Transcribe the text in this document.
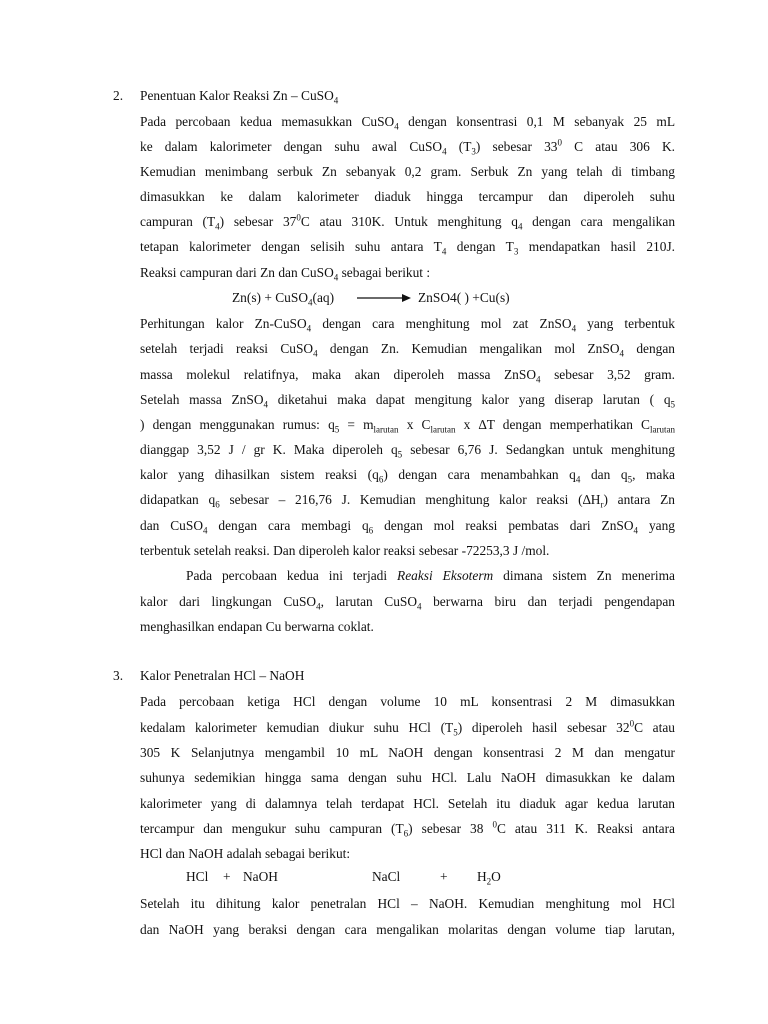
2. Penentuan Kalor Reaksi Zn – CuSO$_4$
Pada percobaan kedua memasukkan CuSO$_4$ dengan konsentrasi 0,1 M sebanyak 25 mL
ke dalam kalorimeter dengan suhu awal CuSO$_4$ $(T_3)$ sebesar $33^0$ C atau 306 K.
Kemudian menimbang serbuk Zn sebanyak 0,2 gram. Serbuk Zn yang telah di timbang
dimasukkan ke dalam kalorimeter diaduk hingga tercampur dan diperoleh suhu
campuran $(T_4)$ sebesar $37^0C$ atau 310K. Untuk menghitung $q_4$ dengan cara mengalikan
tetapan kalorimeter dengan selisih suhu antara $T_4$ dengan $T_3$ mendapatkan hasil 210J.
Reaksi campuran dari Zn dan CuSO$_4$ sebagai berikut :
Zn(s) + CuSO$_4$(aq)	ZnSO4( ) +Cu(s)
Perhitungan kalor Zn-CuSO$_4$ dengan cara menghitung mol zat ZnSO$_4$ yang terbentuk
setelah terjadi reaksi CuSO$_4$ dengan Zn. Kemudian mengalikan mol ZnSO$_4$ dengan
massa molekul relatifnya, maka akan diperoleh massa ZnSO$_4$ sebesar 3,52 gram.
Setelah massa ZnSO$_4$ diketahui maka dapat mengitung kalor yang diserap larutan ( $q_5$
) dengan menggunakan rumus: $q_5 = m_{larutan}$ x $C_{larutan}$ x ∆T dengan memperhatikan $C_{larutan}$
dianggap 3,52 J / gr K. Maka diperoleh $q_5$ sebesar 6,76 J. Sedangkan untuk menghitung
kalor yang dihasilkan sistem reaksi $(q_6)$ dengan cara menambahkan $q_4$ dan $q_5$, maka
didapatkan $q_6$ sebesar – 216,76 J. Kemudian menghitung kalor reaksi $(\Delta H_r)$ antara Zn
dan CuSO$_4$ dengan cara membagi $q_6$ dengan mol reaksi pembatas dari ZnSO$_4$ yang
terbentuk setelah reaksi. Dan diperoleh kalor reaksi sebesar -72253,3 J /mol.
Pada percobaan kedua ini terjadi Reaksi Eksoterm dimana sistem Zn menerima
kalor dari lingkungan CuSO$_4$, larutan CuSO$_4$ berwarna biru dan terjadi pengendapan
menghasilkan endapan Cu berwarna coklat.
3. Kalor Penetralan HCl – NaOH
Pada percobaan ketiga HCl dengan volume 10 mL konsentrasi 2 M dimasukkan
kedalam kalorimeter kemudian diukur suhu HCl $(T_5)$ diperoleh hasil sebesar $32^0C$ atau
305 K Selanjutnya mengambil 10 mL NaOH dengan konsentrasi 2 M dan mengatur
suhunya sedemikian hingga sama dengan suhu HCl. Lalu NaOH dimasukkan ke dalam
kalorimeter yang di dalamnya telah terdapat HCl. Setelah itu diaduk agar kedua larutan
tercampur dan mengukur suhu campuran $(T_6)$ sebesar 38 $^0$C atau 311 K. Reaksi antara
HCl dan NaOH adalah sebagai berikut:
HCl + NaOH	NaCl	+ $H_2O$
Setelah itu dihitung kalor penetralan HCl – NaOH. Kemudian menghitung mol HCl
dan NaOH yang beraksi dengan cara mengalikan molaritas dengan volume tiap larutan,
